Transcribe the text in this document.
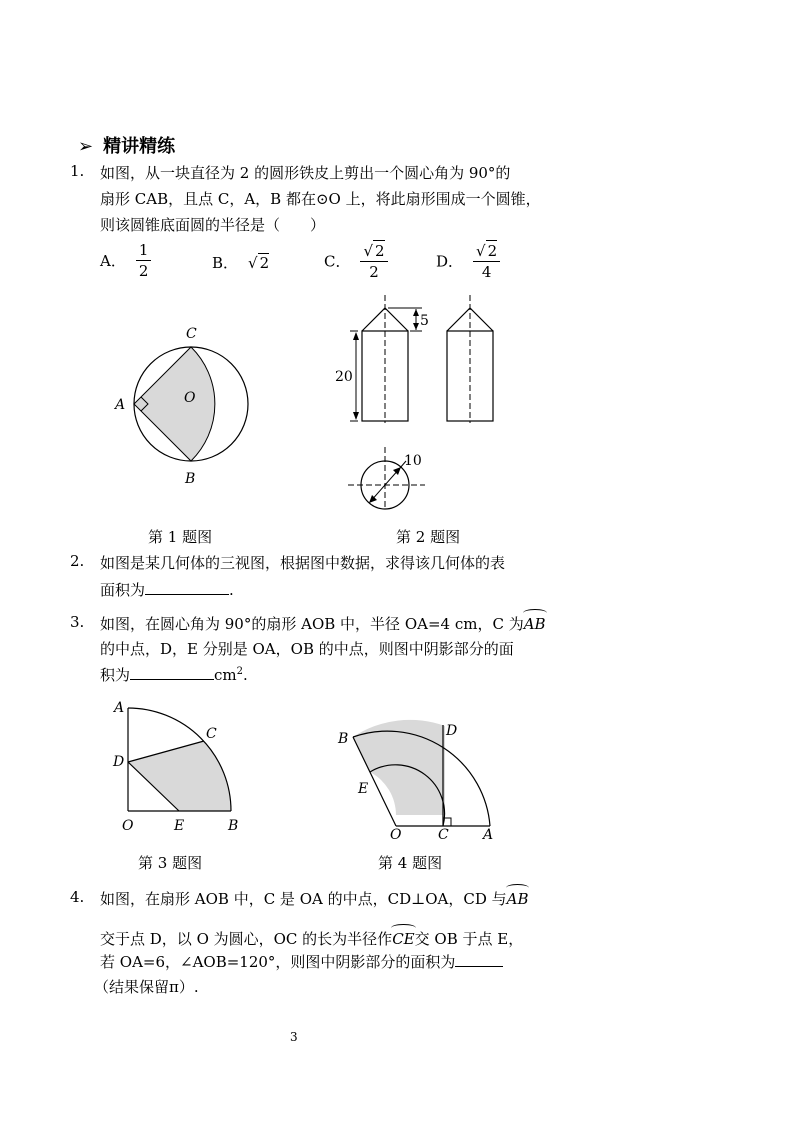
➢ 精讲精练
1.	如图，从一块直径为 2 的圆形铁皮上剪出一个圆心角为 90°的
扇形 CAB，且点 C，A，B 都在⊙O 上，将此扇形围成一个圆锥，
则该圆锥底面圆的半径是（　　）
A． $\frac{1}{2}$	B． √ 2	C． $\frac{√ 2}{2}$	D． $\frac{√ 2}{4}$
C
A	O
B
第 1 题图
20
5
10
第 2 题图
2.	如图是某几何体的三视图，根据图中数据，求得该几何体的表
面积为	.
3.	如图，在圆心角为 90°的扇形 AOB 中，半径 OA=4 cm，C 为AB
的中点，D，E 分别是 OA，OB 的中点，则图中阴影部分的面
积为	$cm^2$.
A
C
D
O	E	B
第 3 题图
B	D
E
O	C A
第 4 题图
4.	如图，在扇形 AOB 中，C 是 OA 的中点，CD⊥OA，CD 与AB
交于点 D，以 O 为圆心，OC 的长为半径作CE交 OB 于点 E，
若 OA=6，∠AOB=120°，则图中阴影部分的面积为
（结果保留π）.
3
